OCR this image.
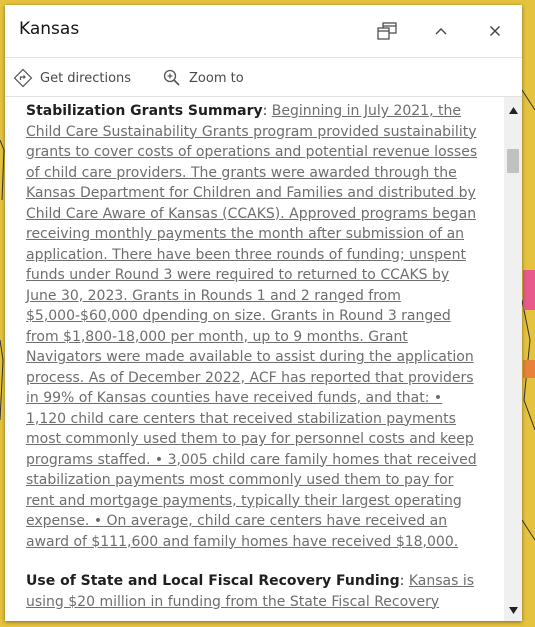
Kansas
Get directions	Zoom to

Stabilization Grants Summary: Beginning in July 2021, the Child Care Sustainability Grants program provided sustainability grants to cover costs of operations and potential revenue losses of child care providers. The grants were awarded through the Kansas Department for Children and Families and distributed by Child Care Aware of Kansas (CCAKS). Approved programs began receiving monthly payments the month after submission of an application. There have been three rounds of funding; unspent funds under Round 3 were required to returned to CCAKS by June 30, 2023. Grants in Rounds 1 and 2 ranged from $5,000-$60,000 dpending on size. Grants in Round 3 ranged from $1,800-18,000 per month, up to 9 months. Grant Navigators were made available to assist during the application process. As of December 2022, ACF has reported that providers in 99% of Kansas counties have received funds, and that: • 1,120 child care centers that received stabilization payments most commonly used them to pay for personnel costs and keep programs staffed. • 3,005 child care family homes that received stabilization payments most commonly used them to pay for rent and mortgage payments, typically their largest operating expense. • On average, child care centers have received an award of $111,600 and family homes have received $18,000.

Use of State and Local Fiscal Recovery Funding: Kansas is using $20 million in funding from the State Fiscal Recovery
